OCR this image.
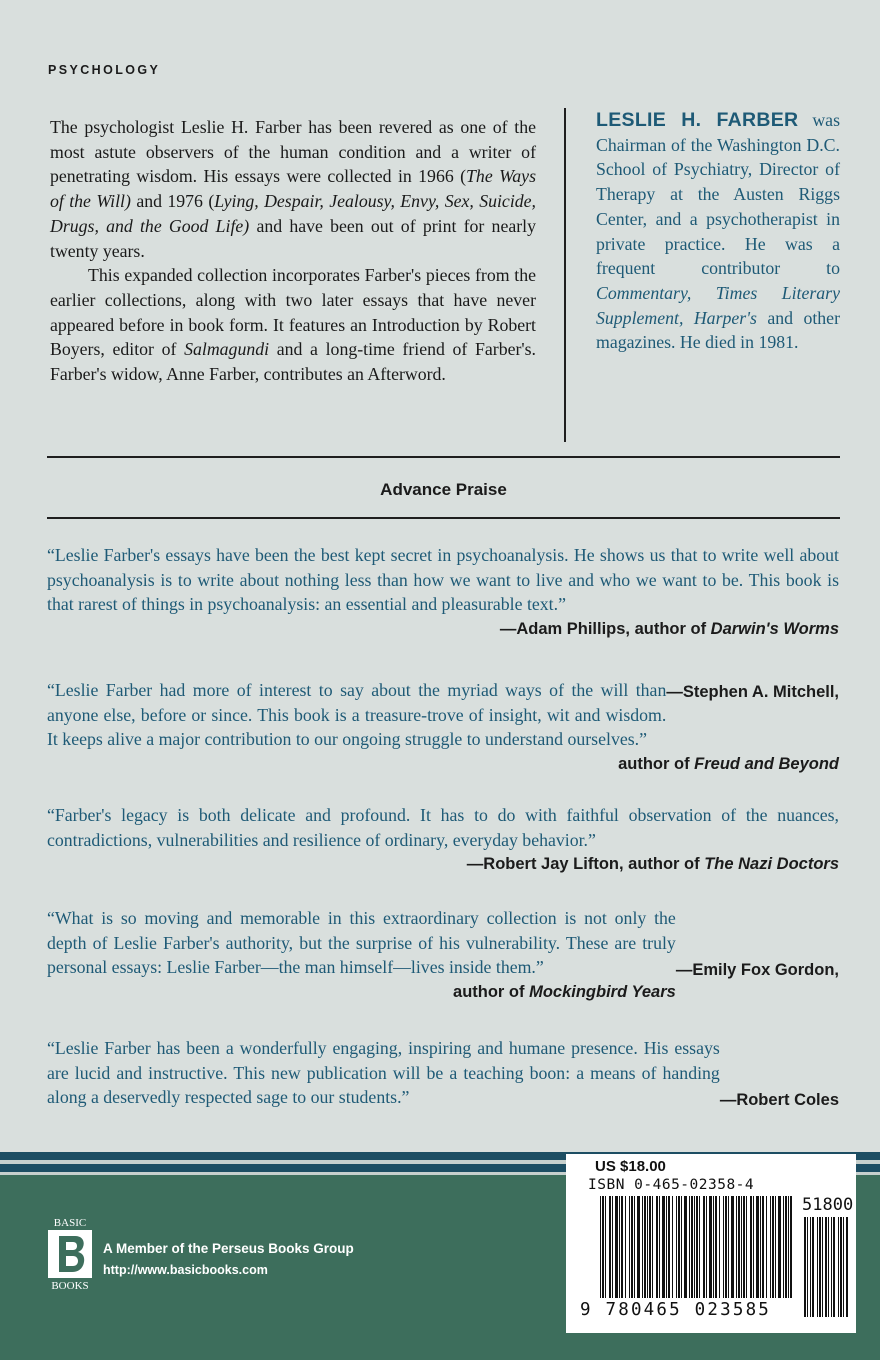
PSYCHOLOGY

The psychologist Leslie H. Farber has been revered as one of the most astute observers of the human condition and a writer of penetrating wisdom. His essays were collected in 1966 (The Ways of the Will) and 1976 (Lying, Despair, Jealousy, Envy, Sex, Suicide, Drugs, and the Good Life) and have been out of print for nearly twenty years.

This expanded collection incorporates Farber's pieces from the earlier collections, along with two later essays that have never appeared before in book form. It features an Introduction by Robert Boyers, editor of Salmagundi and a long-time friend of Farber's. Farber's widow, Anne Farber, contributes an Afterword.

LESLIE H. FARBER was Chairman of the Washington D.C. School of Psychiatry, Director of Therapy at the Austen Riggs Center, and a psychotherapist in private practice. He was a frequent contributor to Commentary, Times Literary Supplement, Harper's and other magazines. He died in 1981.
Advance Praise
“Leslie Farber's essays have been the best kept secret in psychoanalysis. He shows us that to write well about psychoanalysis is to write about nothing less than how we want to live and who we want to be. This book is that rarest of things in psychoanalysis: an essential and pleasurable text.”
—Adam Phillips, author of Darwin's Worms
—Stephen A. Mitchell,
“Leslie Farber had more of interest to say about the myriad ways of the will than anyone else, before or since. This book is a treasure-trove of insight, wit and wisdom. It keeps alive a major contribution to our ongoing struggle to understand ourselves.”
author of Freud and Beyond
“Farber's legacy is both delicate and profound. It has to do with faithful observation of the nuances, contradictions, vulnerabilities and resilience of ordinary, everyday behavior.”
—Robert Jay Lifton, author of The Nazi Doctors
—Emily Fox Gordon,
“What is so moving and memorable in this extraordinary collection is not only the depth of Leslie Farber's authority, but the surprise of his vulnerability. These are truly personal essays: Leslie Farber—the man himself—lives inside them.”
author of Mockingbird Years
—Robert Coles
“Leslie Farber has been a wonderfully engaging, inspiring and humane presence. His essays are lucid and instructive. This new publication will be a teaching boon: a means of handing along a deservedly respected sage to our students.”
BASIC
BOOKS
A Member of the Perseus Books Group
http://www.basicbooks.com
US $18.00
ISBN 0-465-02358-4
51800
9 780465 023585
